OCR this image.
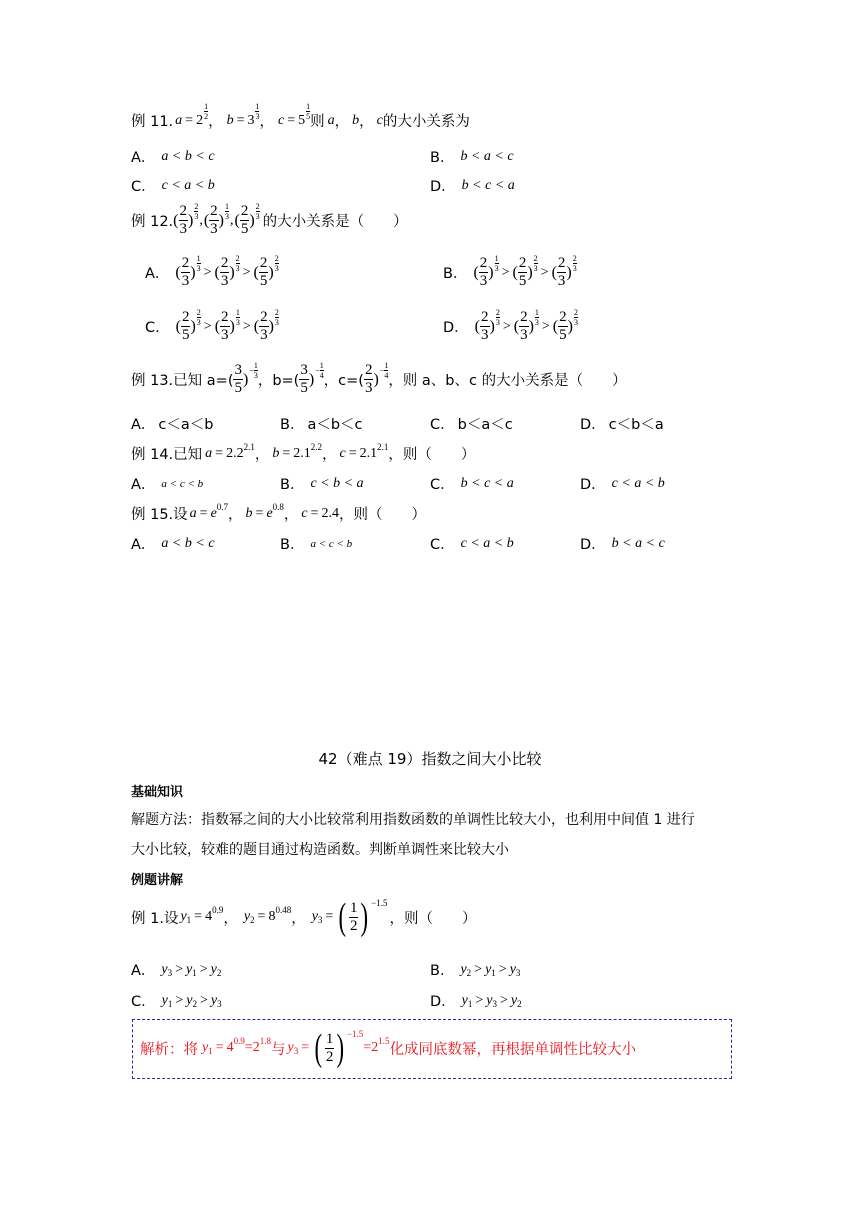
例 11. $a = 2 \frac{1}{2}$
， $b = 3 \frac{1}{3}$
， $c = 5 \frac{1}{5}$
则 a ， b ， c 的大小关系为
A． a < b < c	B． b < a < c
C． c < a < b	D． b < c < a
例 12. ( $\frac{2}{3}$ ) $\frac{2}{3}$ , ( $\frac{2}{3}$ ) $\frac{1}{3}$ , ( $\frac{2}{5}$ ) $\frac{2}{3}$
的大小关系是（　　）
A． ( $\frac{2}{3}$ ) $\frac{1}{3}$ > ( $\frac{2}{3}$ ) $\frac{2}{3}$ > ( $\frac{2}{5}$ ) $\frac{2}{3}$
B． ( $\frac{2}{3}$ ) $\frac{1}{3}$ > ( $\frac{2}{5}$ ) $\frac{2}{3}$ > ( $\frac{2}{3}$ ) $\frac{2}{3}$
C． ( $\frac{2}{5}$ ) $\frac{2}{3}$ > ( $\frac{2}{3}$ ) $\frac{1}{3}$ > ( $\frac{2}{3}$ ) $\frac{2}{3}$
D． ( $\frac{2}{3}$ ) $\frac{2}{3}$ > ( $\frac{2}{3}$ ) $\frac{1}{3}$ > ( $\frac{2}{5}$ ) $\frac{2}{3}$
例 13. 已知 $a=( \frac{3}{5}$ ) − $\frac{1}{3}$
，$b=( \frac{3}{5}$ ) − $\frac{1}{4}$
，$c=( \frac{2}{3}$ ) − $\frac{1}{4}$
，则 a、b、c 的大小关系是（　　）
A． c＜a＜b	B． a＜b＜c	C． b＜a＜c	D． c＜b＜a
例 14. 已知 a = 2.2 2.1
， b = 2.1 2.2
， c = 2.1 2.1
，则（　　）
A． a < c < b	B． c < b < a	C． b < c < a	D． c < a < b
例 15. 设 a = e 0.7
， b = e 0.8
， c = 2.4 ，则（　　）
A． a < b < c	B． a < c < b	C． c < a < b	D． b < a < c
42（难点 19）指数之间大小比较
基础知识
解题方法：指数幂之间的大小比较常利用指数函数的单调性比较大小，也利用中间值 1 进行
大小比较，较难的题目通过构造函数。判断单调性来比较大小
例题讲解
例 1. 设 $y_1 = 4$ 0.9
， $y_2 = 8$ 0.48
， $y_3$ = ( $\frac{1}{2}$ ) −1.5
，则（　　）
A． $y_3 > y_1 > y_2$	B． $y_2 > y_1 > y_3$
C． $y_1 > y_2 > y_3$	D． $y_1 > y_3 > y_2$
解析：将 $y_1 = 4$ 0.9 =2 1.8
与 $y_3$ = ( $\frac{1}{2}$ ) −1.5
=2 1.5
化成同底数幂，再根据单调性比较大小
